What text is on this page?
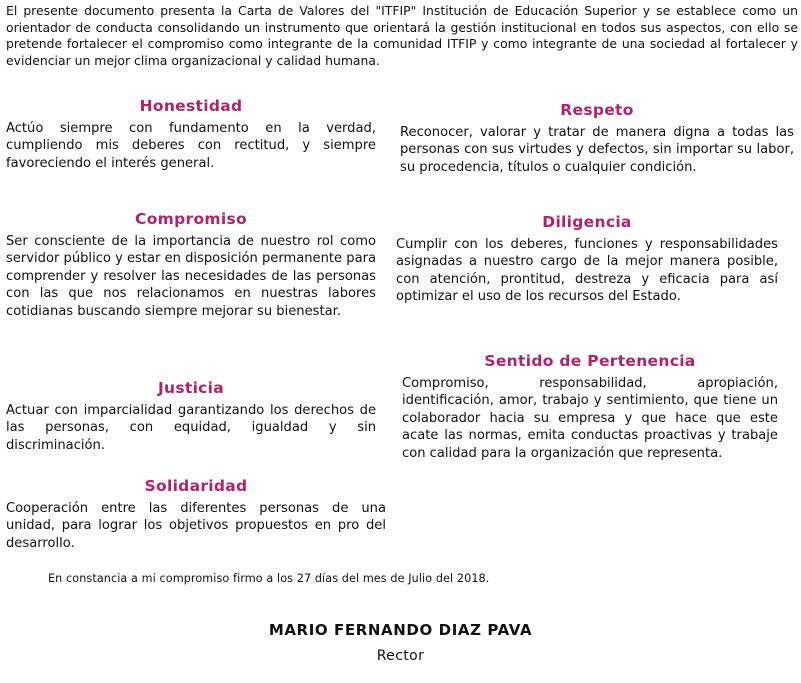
El presente documento presenta la Carta de Valores del "ITFIP" Institución de Educación Superior y se establece como un orientador de conducta consolidando un instrumento que orientará la gestión institucional en todos sus aspectos, con ello se pretende fortalecer el compromiso como integrante de la comunidad ITFIP y como integrante de una sociedad al fortalecer y evidenciar un mejor clima organizacional y calidad humana.

Honestidad

Actúo siempre con fundamento en la verdad, cumpliendo mis deberes con rectitud, y siempre favoreciendo el interés general.

Compromiso

Ser consciente de la importancia de nuestro rol como servidor público y estar en disposición permanente para comprender y resolver las necesidades de las personas con las que nos relacionamos en nuestras labores cotidianas buscando siempre mejorar su bienestar.

Justicia

Actuar con imparcialidad garantizando los derechos de las personas, con equidad, igualdad y sin discriminación.

Solidaridad

Cooperación entre las diferentes personas de una unidad, para lograr los objetivos propuestos en pro del desarrollo.

Respeto

Reconocer, valorar y tratar de manera digna a todas las personas con sus virtudes y defectos, sin importar su labor, su procedencia, títulos o cualquier condición.

Diligencia

Cumplir con los deberes, funciones y responsabilidades asignadas a nuestro cargo de la mejor manera posible, con atención, prontitud, destreza y eficacia para así optimizar el uso de los recursos del Estado.

Sentido de Pertenencia

Compromiso, responsabilidad, apropiación, identificación, amor, trabajo y sentimiento, que tiene un colaborador hacia su empresa y que hace que este acate las normas, emita conductas proactivas y trabaje con calidad para la organización que representa.

En constancia a mi compromiso firmo a los 27 días del mes de Julio del 2018.

MARIO FERNANDO DIAZ PAVA

Rector
